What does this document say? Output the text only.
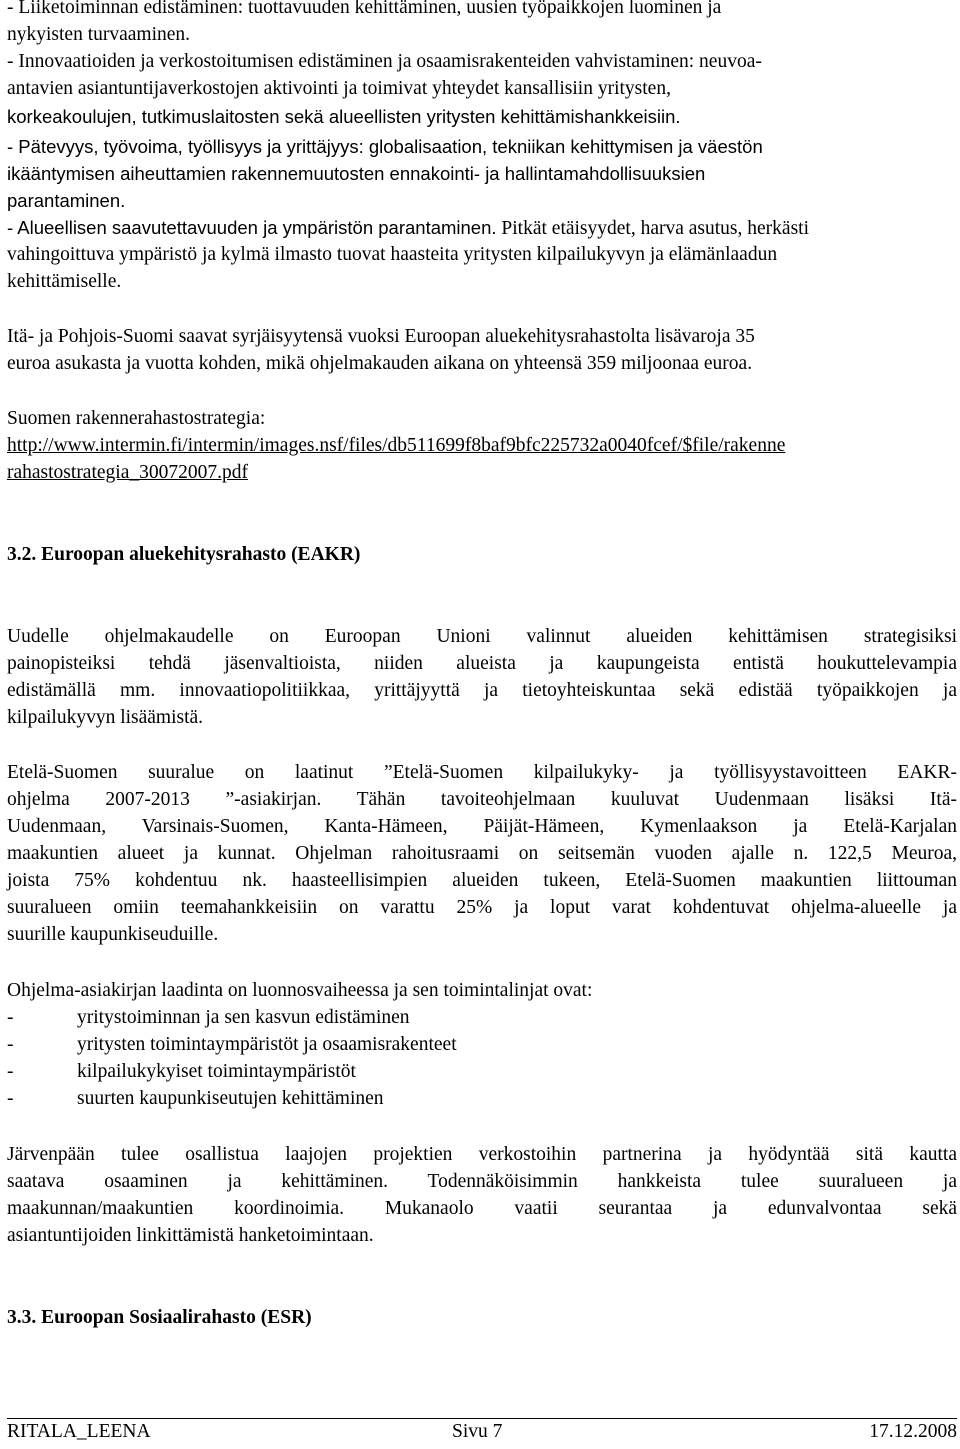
- Liiketoiminnan edistäminen: tuottavuuden kehittäminen, uusien työpaikkojen luominen ja
nykyisten turvaaminen.
- Innovaatioiden ja verkostoitumisen edistäminen ja osaamisrakenteiden vahvistaminen: neuvoa-
antavien asiantuntijaverkostojen aktivointi ja toimivat yhteydet kansallisiin yritysten,
korkeakoulujen, tutkimuslaitosten sekä alueellisten yritysten kehittämishankkeisiin.
- Pätevyys, työvoima, työllisyys ja yrittäjyys: globalisaation, tekniikan kehittymisen ja väestön
ikääntymisen aiheuttamien rakennemuutosten ennakointi- ja hallintamahdollisuuksien
parantaminen.
- Alueellisen saavutettavuuden ja ympäristön parantaminen. Pitkät etäisyydet, harva asutus, herkästi
vahingoittuva ympäristö ja kylmä ilmasto tuovat haasteita yritysten kilpailukyvyn ja elämänlaadun
kehittämiselle.
Itä- ja Pohjois-Suomi saavat syrjäisyytensä vuoksi Euroopan aluekehitysrahastolta lisävaroja 35
euroa asukasta ja vuotta kohden, mikä ohjelmakauden aikana on yhteensä 359 miljoonaa euroa.
Suomen rakennerahastostrategia:
http://www.intermin.fi/intermin/images.nsf/files/db511699f8baf9bfc225732a0040fcef/$file/rakenne
rahastostrategia_30072007.pdf
3.2. Euroopan aluekehitysrahasto (EAKR)
Uudelle ohjelmakaudelle on Euroopan Unioni valinnut alueiden kehittämisen strategisiksi
painopisteiksi tehdä jäsenvaltioista, niiden alueista ja kaupungeista entistä houkuttelevampia
edistämällä mm. innovaatiopolitiikkaa, yrittäjyyttä ja tietoyhteiskuntaa sekä edistää työpaikkojen ja
kilpailukyvyn lisäämistä.
Etelä-Suomen suuralue on laatinut ”Etelä-Suomen kilpailukyky- ja työllisyystavoitteen EAKR-
ohjelma 2007-2013 ”-asiakirjan. Tähän tavoiteohjelmaan kuuluvat Uudenmaan lisäksi Itä-
Uudenmaan, Varsinais-Suomen, Kanta-Hämeen, Päijät-Hämeen, Kymenlaakson ja Etelä-Karjalan
maakuntien alueet ja kunnat. Ohjelman rahoitusraami on seitsemän vuoden ajalle n. 122,5 Meuroa,
joista 75% kohdentuu nk. haasteellisimpien alueiden tukeen, Etelä-Suomen maakuntien liittouman
suuralueen omiin teemahankkeisiin on varattu 25% ja loput varat kohdentuvat ohjelma-alueelle ja
suurille kaupunkiseuduille.
Ohjelma-asiakirjan laadinta on luonnosvaiheessa ja sen toimintalinjat ovat:
-	yritystoiminnan ja sen kasvun edistäminen
-	yritysten toimintaympäristöt ja osaamisrakenteet
-	kilpailukykyiset toimintaympäristöt
-	suurten kaupunkiseutujen kehittäminen
Järvenpään tulee osallistua laajojen projektien verkostoihin partnerina ja hyödyntää sitä kautta
saatava osaaminen ja kehittäminen. Todennäköisimmin hankkeista tulee suuralueen ja
maakunnan/maakuntien koordinoimia. Mukanaolo vaatii seurantaa ja edunvalvontaa sekä
asiantuntijoiden linkittämistä hanketoimintaan.
3.3. Euroopan Sosiaalirahasto (ESR)
RITALA_LEENA	Sivu 7	17.12.2008
